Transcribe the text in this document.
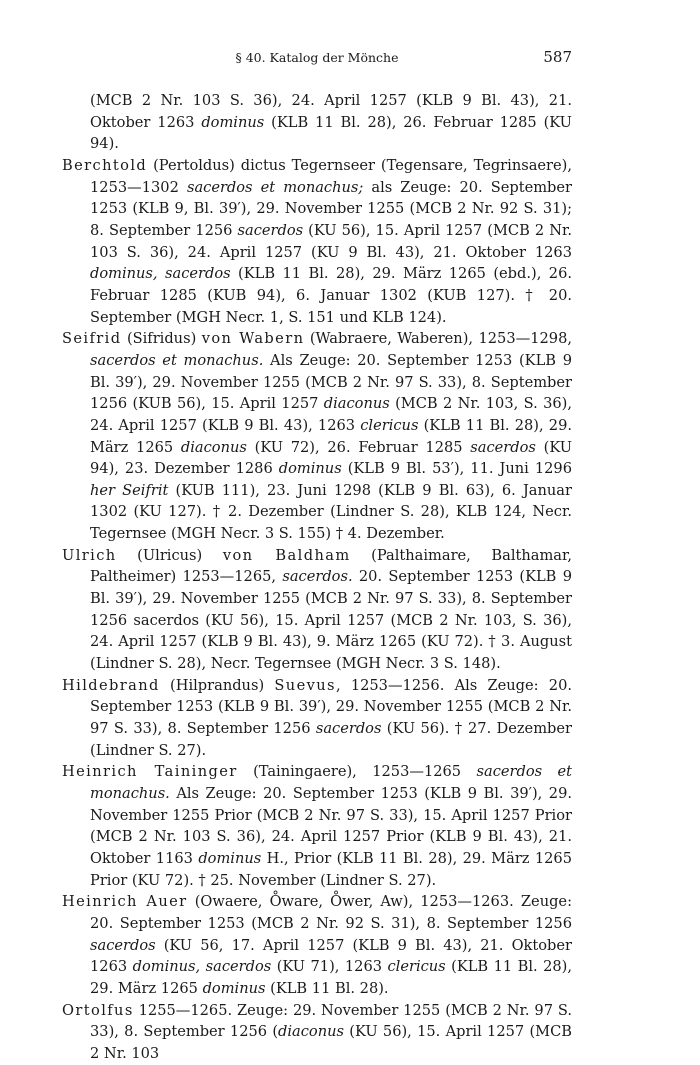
§ 40. Katalog der Mönche	587

(MCB 2 Nr. 103 S. 36), 24. April 1257 (KLB 9 Bl. 43), 21. Oktober 1263 dominus (KLB 11 Bl. 28), 26. Februar 1285 (KU 94).

Berchtold (Pertoldus) dictus Tegernseer (Tegensare, Tegrinsaere), 1253—1302 sacerdos et monachus; als Zeuge: 20. September 1253 (KLB 9, Bl. 39′), 29. November 1255 (MCB 2 Nr. 92 S. 31); 8. September 1256 sacerdos (KU 56), 15. April 1257 (MCB 2 Nr. 103 S. 36), 24. April 1257 (KU 9 Bl. 43), 21. Oktober 1263 dominus, sacerdos (KLB 11 Bl. 28), 29. März 1265 (ebd.), 26. Februar 1285 (KUB 94), 6. Januar 1302 (KUB 127). † 20. September (MGH Necr. 1, S. 151 und KLB 124).

Seifrid (Sifridus) von Wabern (Wabraere, Waberen), 1253—1298, sacerdos et monachus. Als Zeuge: 20. September 1253 (KLB 9 Bl. 39′), 29. November 1255 (MCB 2 Nr. 97 S. 33), 8. September 1256 (KUB 56), 15. April 1257 diaconus (MCB 2 Nr. 103, S. 36), 24. April 1257 (KLB 9 Bl. 43), 1263 clericus (KLB 11 Bl. 28), 29. März 1265 diaconus (KU 72), 26. Februar 1285 sacerdos (KU 94), 23. Dezember 1286 dominus (KLB 9 Bl. 53′), 11. Juni 1296 her Seifrit (KUB 111), 23. Juni 1298 (KLB 9 Bl. 63), 6. Januar 1302 (KU 127). † 2. Dezember (Lindner S. 28), KLB 124, Necr. Tegernsee (MGH Necr. 3 S. 155) † 4. Dezember.

Ulrich (Ulricus) von Baldham (Palthaimare, Balthamar, Paltheimer) 1253—1265, sacerdos. 20. September 1253 (KLB 9 Bl. 39′), 29. November 1255 (MCB 2 Nr. 97 S. 33), 8. September 1256 sacerdos (KU 56), 15. April 1257 (MCB 2 Nr. 103, S. 36), 24. April 1257 (KLB 9 Bl. 43), 9. März 1265 (KU 72). † 3. August (Lindner S. 28), Necr. Tegernsee (MGH Necr. 3 S. 148).

Hildebrand (Hilprandus) Suevus, 1253—1256. Als Zeuge: 20. September 1253 (KLB 9 Bl. 39′), 29. November 1255 (MCB 2 Nr. 97 S. 33), 8. September 1256 sacerdos (KU 56). † 27. Dezember (Lindner S. 27).

Heinrich Taininger (Tainingaere), 1253—1265 sacerdos et monachus. Als Zeuge: 20. September 1253 (KLB 9 Bl. 39′), 29. November 1255 Prior (MCB 2 Nr. 97 S. 33), 15. April 1257 Prior (MCB 2 Nr. 103 S. 36), 24. April 1257 Prior (KLB 9 Bl. 43), 21. Oktober 1163 dominus H., Prior (KLB 11 Bl. 28), 29. März 1265 Prior (KU 72). † 25. November (Lindner S. 27).

Heinrich Auer (Owaere, O̊ware, O̊wer, Aw), 1253—1263. Zeuge: 20. September 1253 (MCB 2 Nr. 92 S. 31), 8. September 1256 sacerdos (KU 56, 17. April 1257 (KLB 9 Bl. 43), 21. Oktober 1263 dominus, sacerdos (KU 71), 1263 clericus (KLB 11 Bl. 28), 29. März 1265 dominus (KLB 11 Bl. 28).

Ortolfus 1255—1265. Zeuge: 29. November 1255 (MCB 2 Nr. 97 S. 33), 8. September 1256 (diaconus (KU 56), 15. April 1257 (MCB 2 Nr. 103
